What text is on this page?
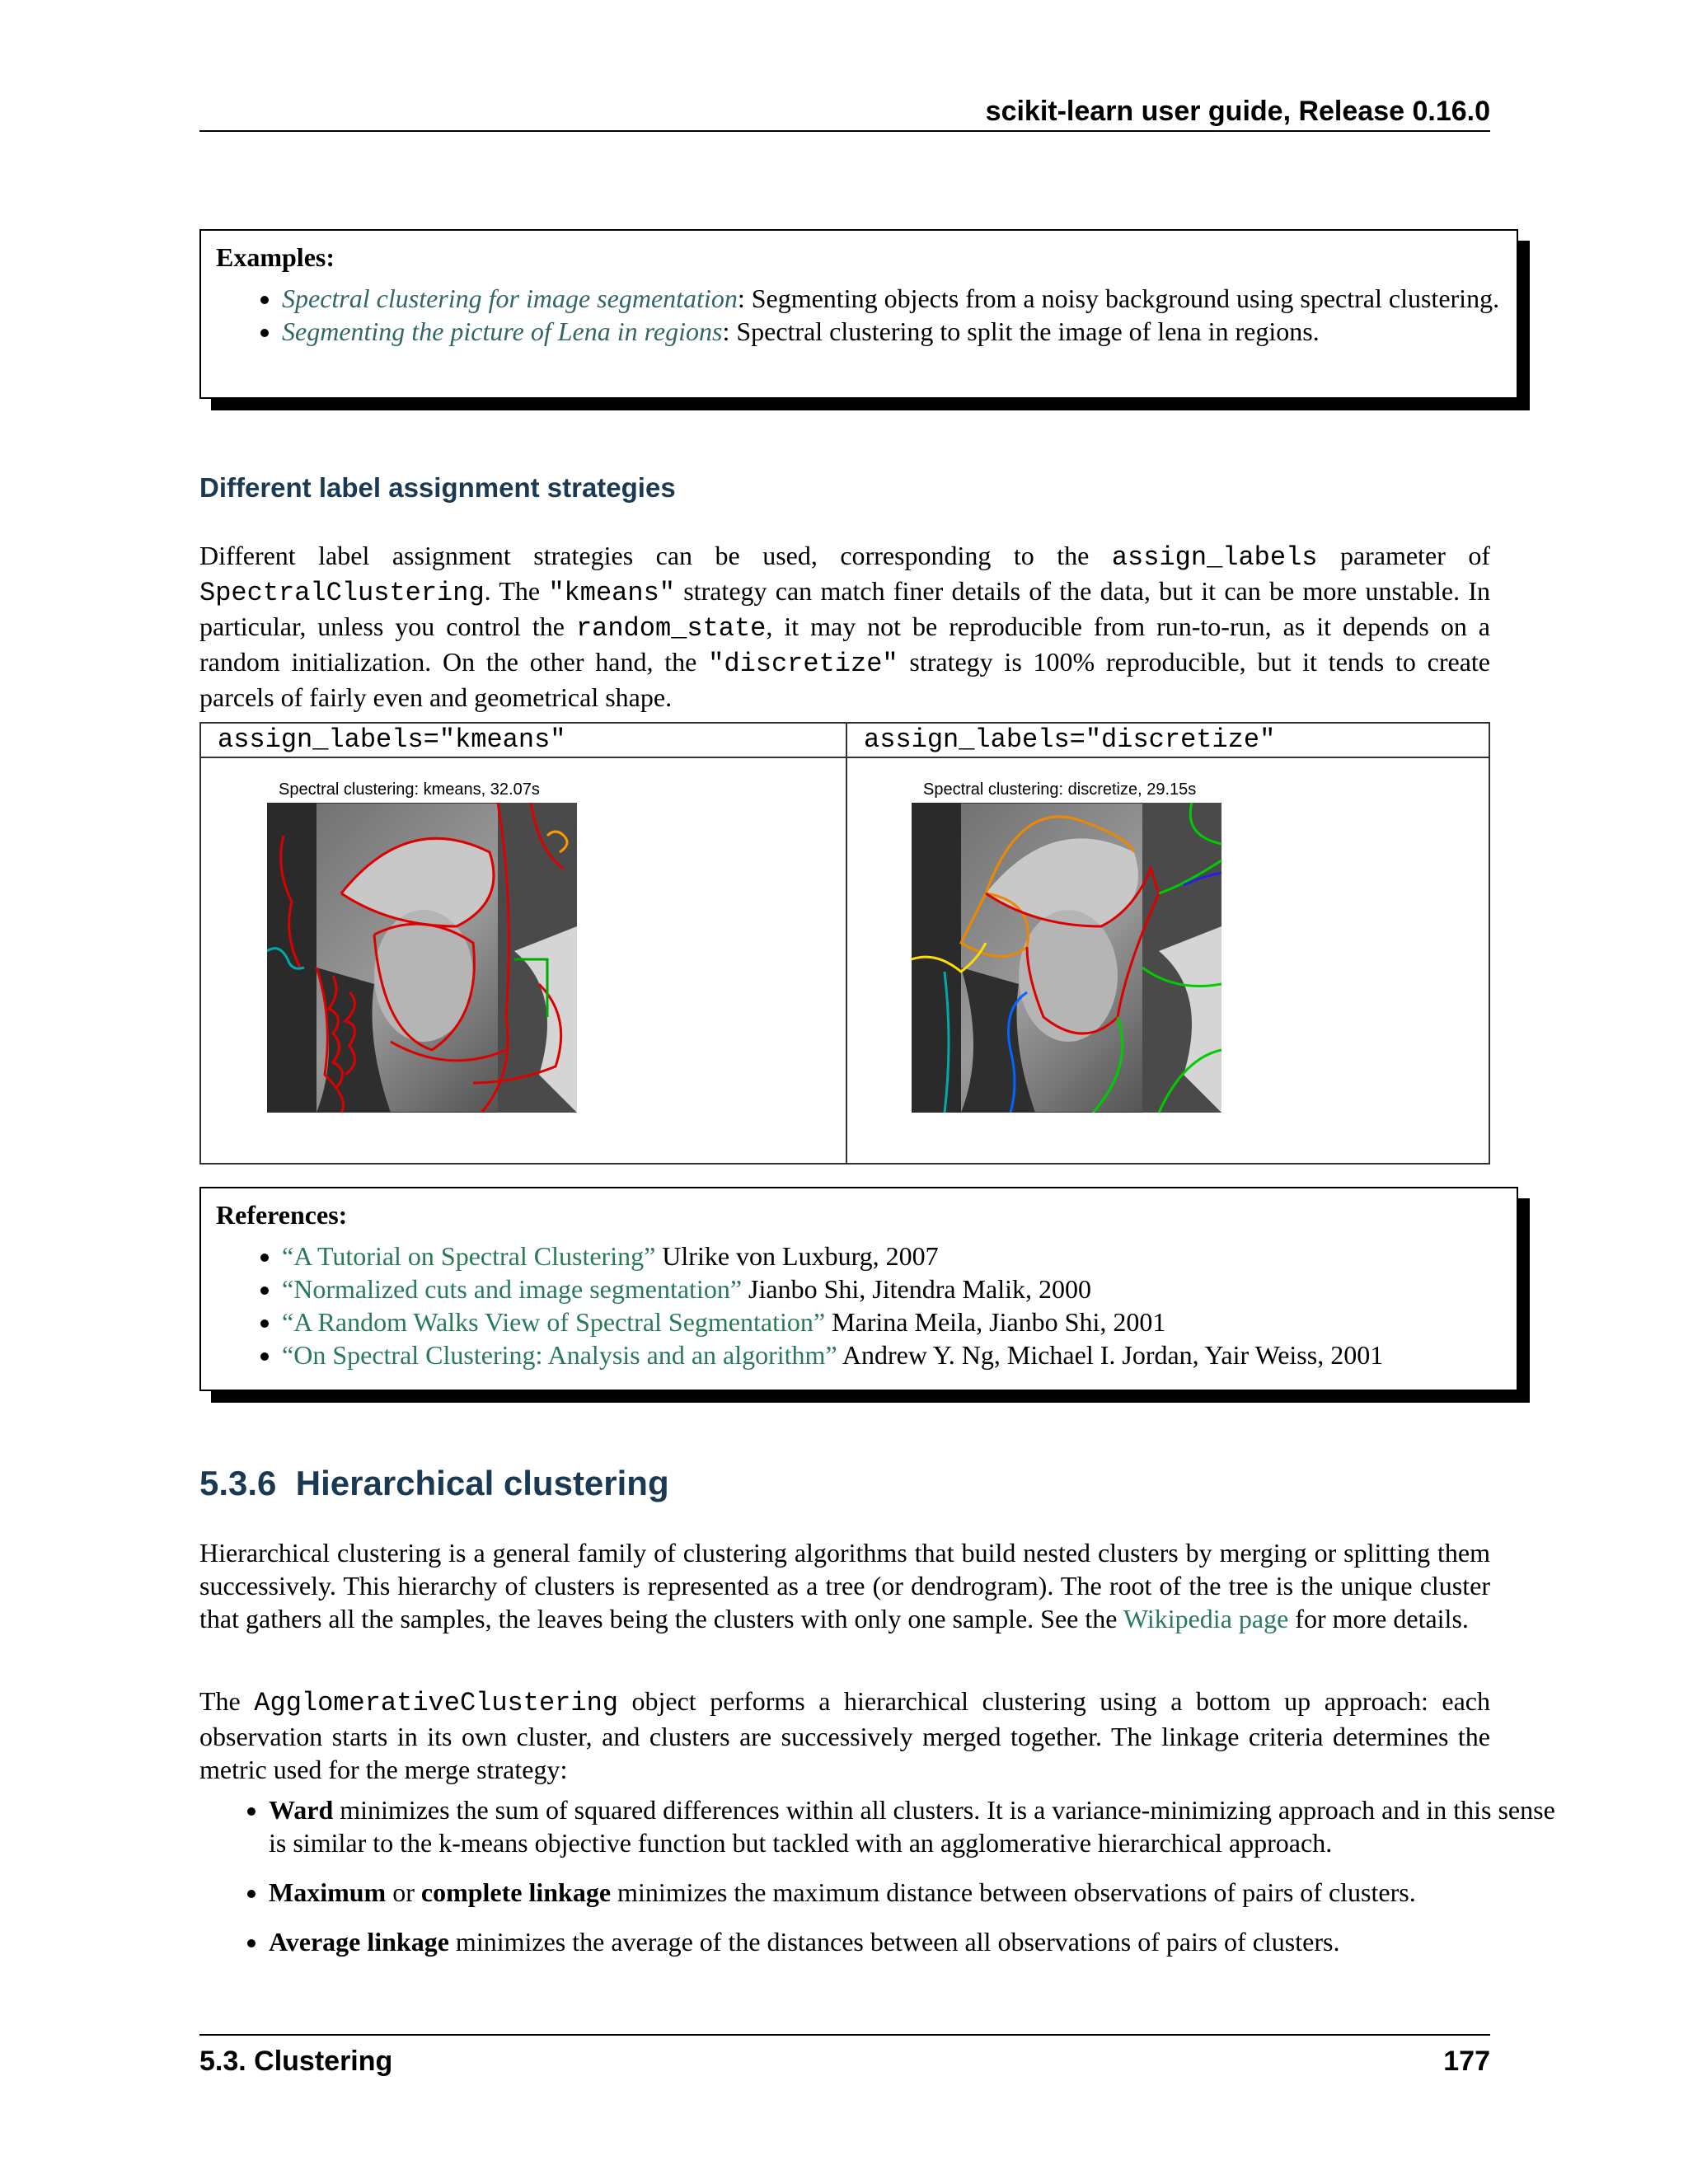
scikit-learn user guide, Release 0.16.0
Examples:
• Spectral clustering for image segmentation: Segmenting objects from a noisy background using spectral clustering.
• Segmenting the picture of Lena in regions: Spectral clustering to split the image of lena in regions.
Different label assignment strategies
Different label assignment strategies can be used, corresponding to the assign_labels parameter of SpectralClustering. The "kmeans" strategy can match finer details of the data, but it can be more unstable. In particular, unless you control the random_state, it may not be reproducible from run-to-run, as it depends on a random initialization. On the other hand, the "discretize" strategy is 100% reproducible, but it tends to create parcels of fairly even and geometrical shape.
assign_labels="kmeans"	assign_labels="discretize"
Spectral clustering: kmeans, 32.07s	Spectral clustering: discretize, 29.15s
References:
• “A Tutorial on Spectral Clustering” Ulrike von Luxburg, 2007
• “Normalized cuts and image segmentation” Jianbo Shi, Jitendra Malik, 2000
• “A Random Walks View of Spectral Segmentation” Marina Meila, Jianbo Shi, 2001
• “On Spectral Clustering: Analysis and an algorithm” Andrew Y. Ng, Michael I. Jordan, Yair Weiss, 2001
5.3.6 Hierarchical clustering
Hierarchical clustering is a general family of clustering algorithms that build nested clusters by merging or splitting them successively. This hierarchy of clusters is represented as a tree (or dendrogram). The root of the tree is the unique cluster that gathers all the samples, the leaves being the clusters with only one sample. See the Wikipedia page for more details.
The AgglomerativeClustering object performs a hierarchical clustering using a bottom up approach: each observation starts in its own cluster, and clusters are successively merged together. The linkage criteria determines the metric used for the merge strategy:
• Ward minimizes the sum of squared differences within all clusters. It is a variance-minimizing approach and in this sense is similar to the k-means objective function but tackled with an agglomerative hierarchical approach.
• Maximum or complete linkage minimizes the maximum distance between observations of pairs of clusters.
• Average linkage minimizes the average of the distances between all observations of pairs of clusters.
5.3. Clustering	177
